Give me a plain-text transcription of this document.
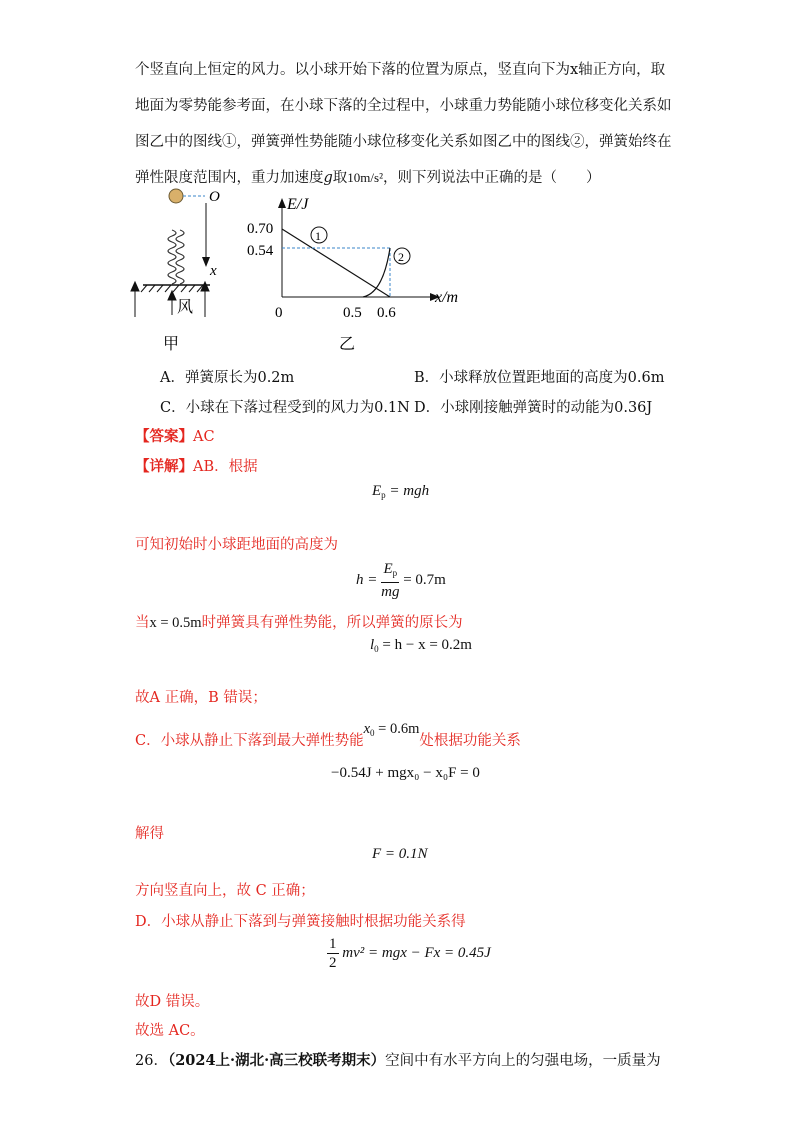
个竖直向上恒定的风力。以小球开始下落的位置为原点，竖直向下为x轴正方向，取
地面为零势能参考面，在小球下落的全过程中，小球重力势能随小球位移变化关系如
图乙中的图线①，弹簧弹性势能随小球位移变化关系如图乙中的图线②，弹簧始终在
弹性限度范围内，重力加速度g取10m/s²，则下列说法中正确的是（　　）
O
x
风
甲
E/J
x/m
0.70
0.54
0	0.5 0.6
1
2
乙
A．弹簧原长为0.2m	B．小球释放位置距地面的高度为0.6m
C．小球在下落过程受到的风力为0.1N D．小球刚接触弹簧时的动能为0.36J
【答案】AC
【详解】AB．根据
$E_p$ = mgh
可知初始时小球距地面的高度为
$h = \frac{E_p}{mg} = 0.7m$
当x = 0.5m时弹簧具有弹性势能，所以弹簧的原长为
$l_0 = h - x = 0.2m$
故A 正确，B 错误；
C．小球从静止下落到最大弹性势能$x_0 = 0.6m$处根据功能关系
−0.54J + mgx₀ − x₀F = 0
解得
F = 0.1N
方向竖直向上，故 C 正确；
D．小球从静止下落到与弹簧接触时根据功能关系得
$\frac{1}{2} mv^2$ = mgx − Fx = 0.45J
故D 错误。
故选 AC。
26．（2024上·湖北·高三校联考期末）空间中有水平方向上的匀强电场，一质量为
